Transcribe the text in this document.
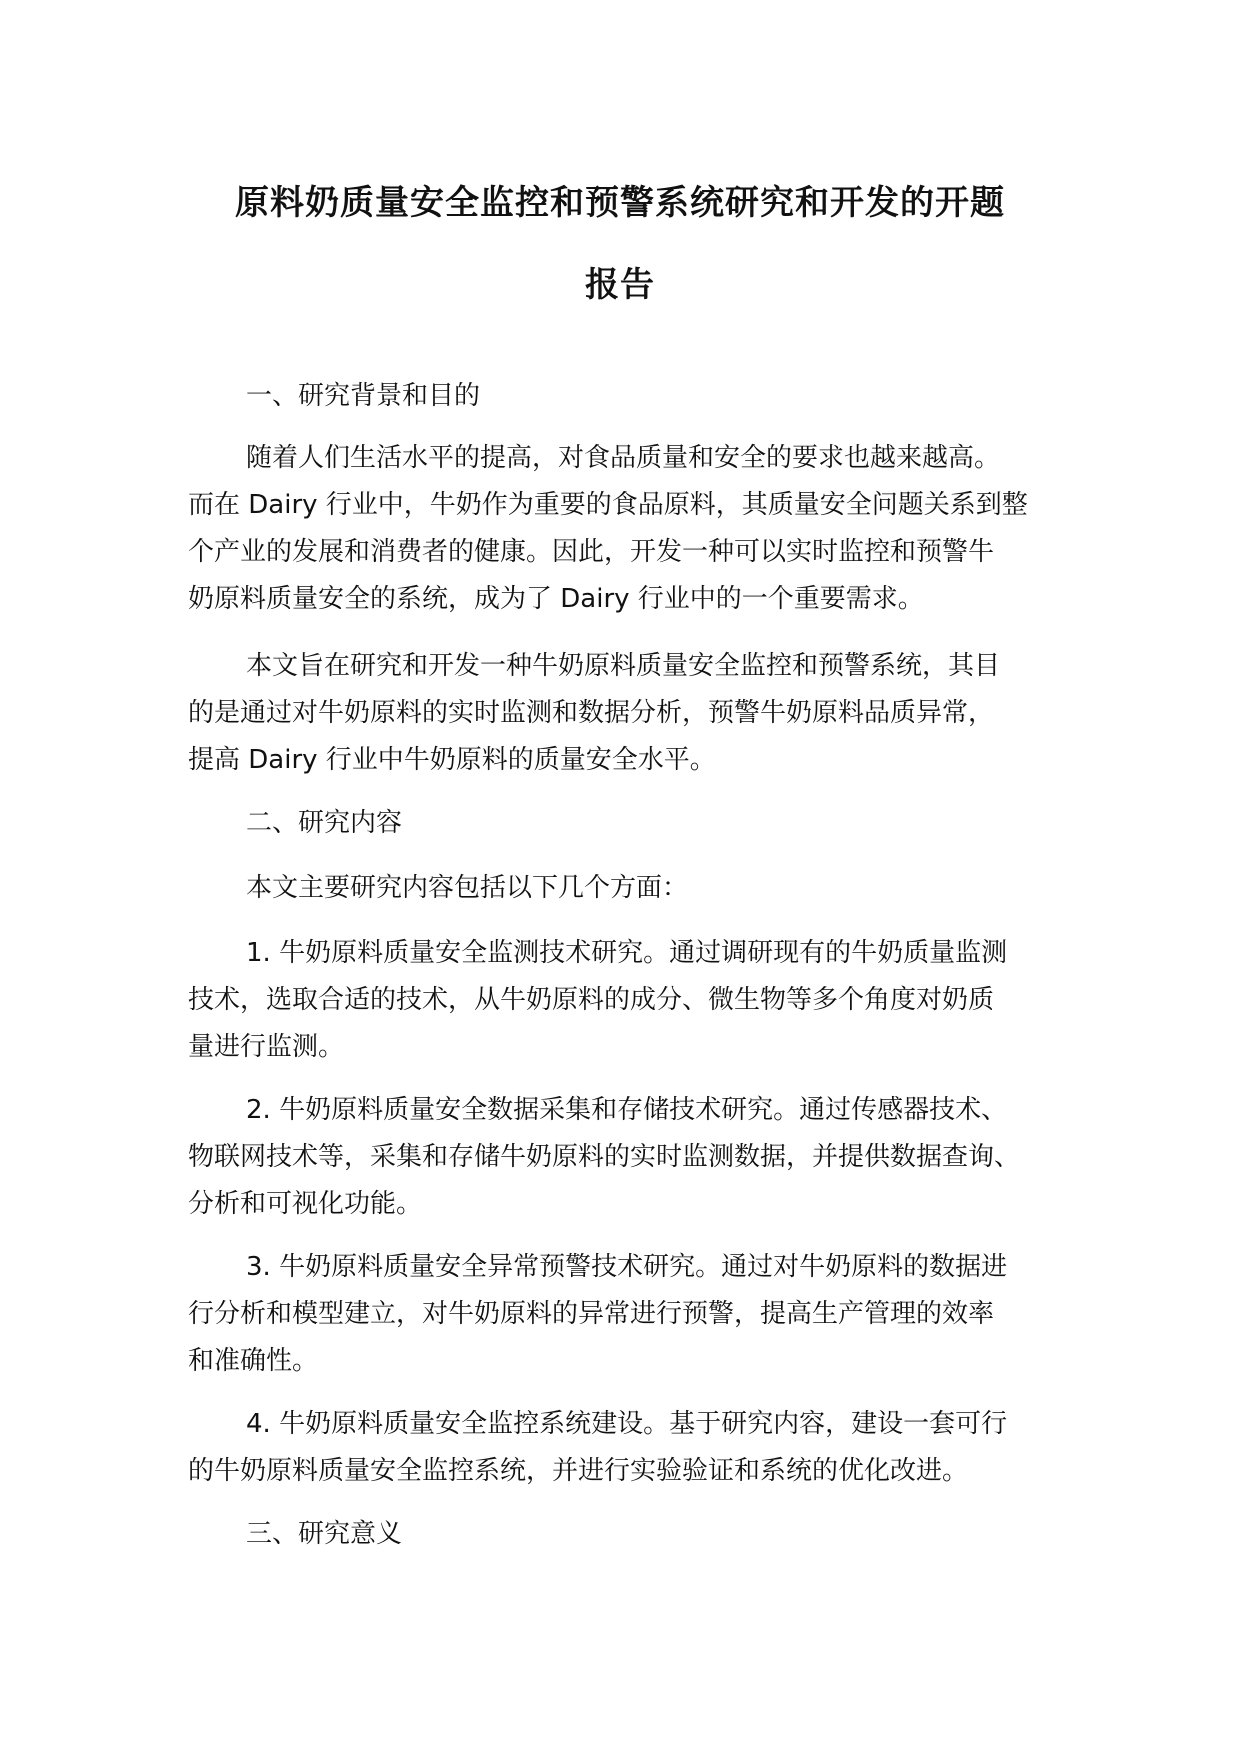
原料奶质量安全监控和预警系统研究和开发的开题
报告

一、研究背景和目的

随着人们生活水平的提高，对食品质量和安全的要求也越来越高。

而在 Dairy 行业中，牛奶作为重要的食品原料，其质量安全问题关系到整

个产业的发展和消费者的健康。因此，开发一种可以实时监控和预警牛

奶原料质量安全的系统，成为了 Dairy 行业中的一个重要需求。

本文旨在研究和开发一种牛奶原料质量安全监控和预警系统，其目

的是通过对牛奶原料的实时监测和数据分析，预警牛奶原料品质异常，

提高 Dairy 行业中牛奶原料的质量安全水平。

二、研究内容

本文主要研究内容包括以下几个方面：

1. 牛奶原料质量安全监测技术研究。通过调研现有的牛奶质量监测

技术，选取合适的技术，从牛奶原料的成分、微生物等多个角度对奶质

量进行监测。

2. 牛奶原料质量安全数据采集和存储技术研究。通过传感器技术、

物联网技术等，采集和存储牛奶原料的实时监测数据，并提供数据查询、

分析和可视化功能。

3. 牛奶原料质量安全异常预警技术研究。通过对牛奶原料的数据进

行分析和模型建立，对牛奶原料的异常进行预警，提高生产管理的效率

和准确性。

4. 牛奶原料质量安全监控系统建设。基于研究内容，建设一套可行

的牛奶原料质量安全监控系统，并进行实验验证和系统的优化改进。

三、研究意义
